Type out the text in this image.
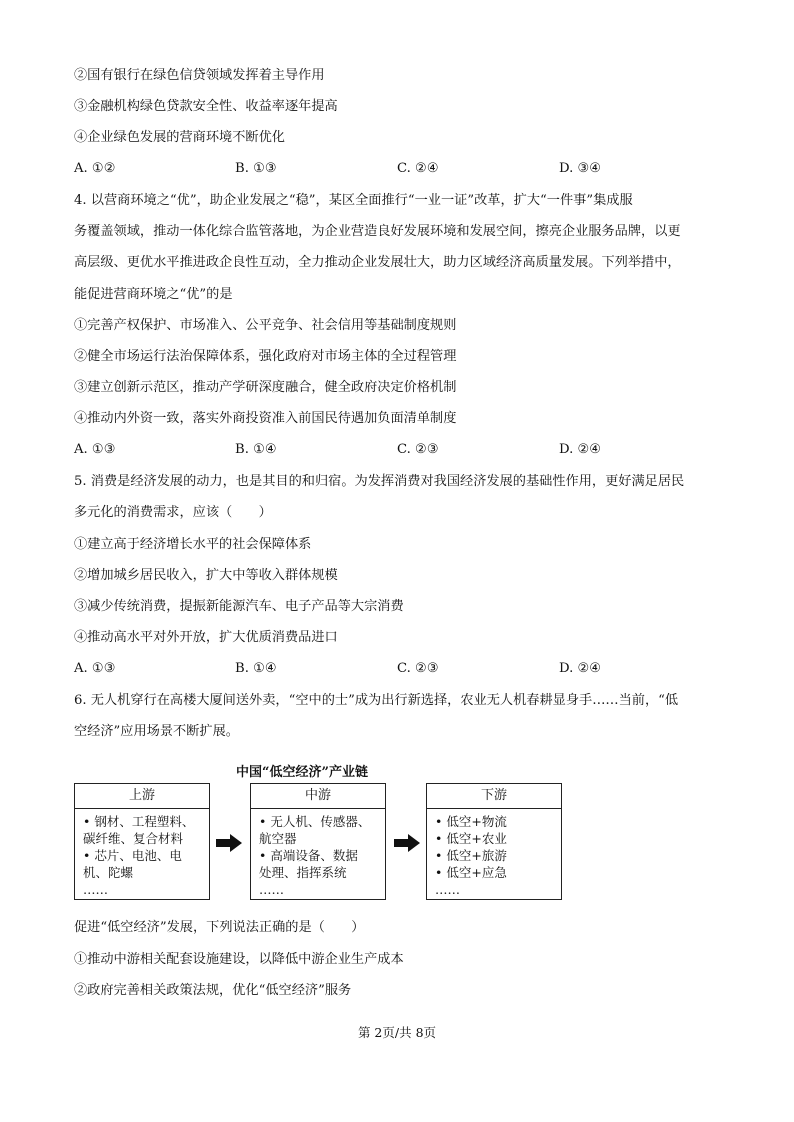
②国有银行在绿色信贷领域发挥着主导作用
③金融机构绿色贷款安全性、收益率逐年提高
④企业绿色发展的营商环境不断优化
A. ①②	B. ①③	C. ②④	D. ③④
4. 以营商环境之“优”，助企业发展之“稳”，某区全面推行“一业一证”改革，扩大“一件事”集成服
务覆盖领域，推动一体化综合监管落地，为企业营造良好发展环境和发展空间，擦亮企业服务品牌，以更
高层级、更优水平推进政企良性互动，全力推动企业发展壮大，助力区域经济高质量发展。下列举措中，
能促进营商环境之“优”的是
①完善产权保护、市场准入、公平竞争、社会信用等基础制度规则
②健全市场运行法治保障体系，强化政府对市场主体的全过程管理
③建立创新示范区，推动产学研深度融合，健全政府决定价格机制
④推动内外资一致，落实外商投资准入前国民待遇加负面清单制度
A. ①③	B. ①④	C. ②③	D. ②④
5. 消费是经济发展的动力，也是其目的和归宿。为发挥消费对我国经济发展的基础性作用，更好满足居民
多元化的消费需求，应该（　　）
①建立高于经济增长水平的社会保障体系
②增加城乡居民收入，扩大中等收入群体规模
③减少传统消费，提振新能源汽车、电子产品等大宗消费
④推动高水平对外开放，扩大优质消费品进口
A. ①③	B. ①④	C. ②③	D. ②④
6. 无人机穿行在高楼大厦间送外卖，“空中的士”成为出行新选择，农业无人机春耕显身手……当前，“低
空经济”应用场景不断扩展。
中国“低空经济”产业链
上游
• 钢材、工程塑料、
碳纤维、复合材料
• 芯片、电池、电
机、陀螺
……
中游
• 无人机、传感器、
航空器
• 高端设备、数据
处理、指挥系统
……
下游
• 低空+物流
• 低空+农业
• 低空+旅游
• 低空+应急
……
促进“低空经济”发展，下列说法正确的是（　　）
①推动中游相关配套设施建设，以降低中游企业生产成本
②政府完善相关政策法规，优化“低空经济”服务
第 2页/共 8页
